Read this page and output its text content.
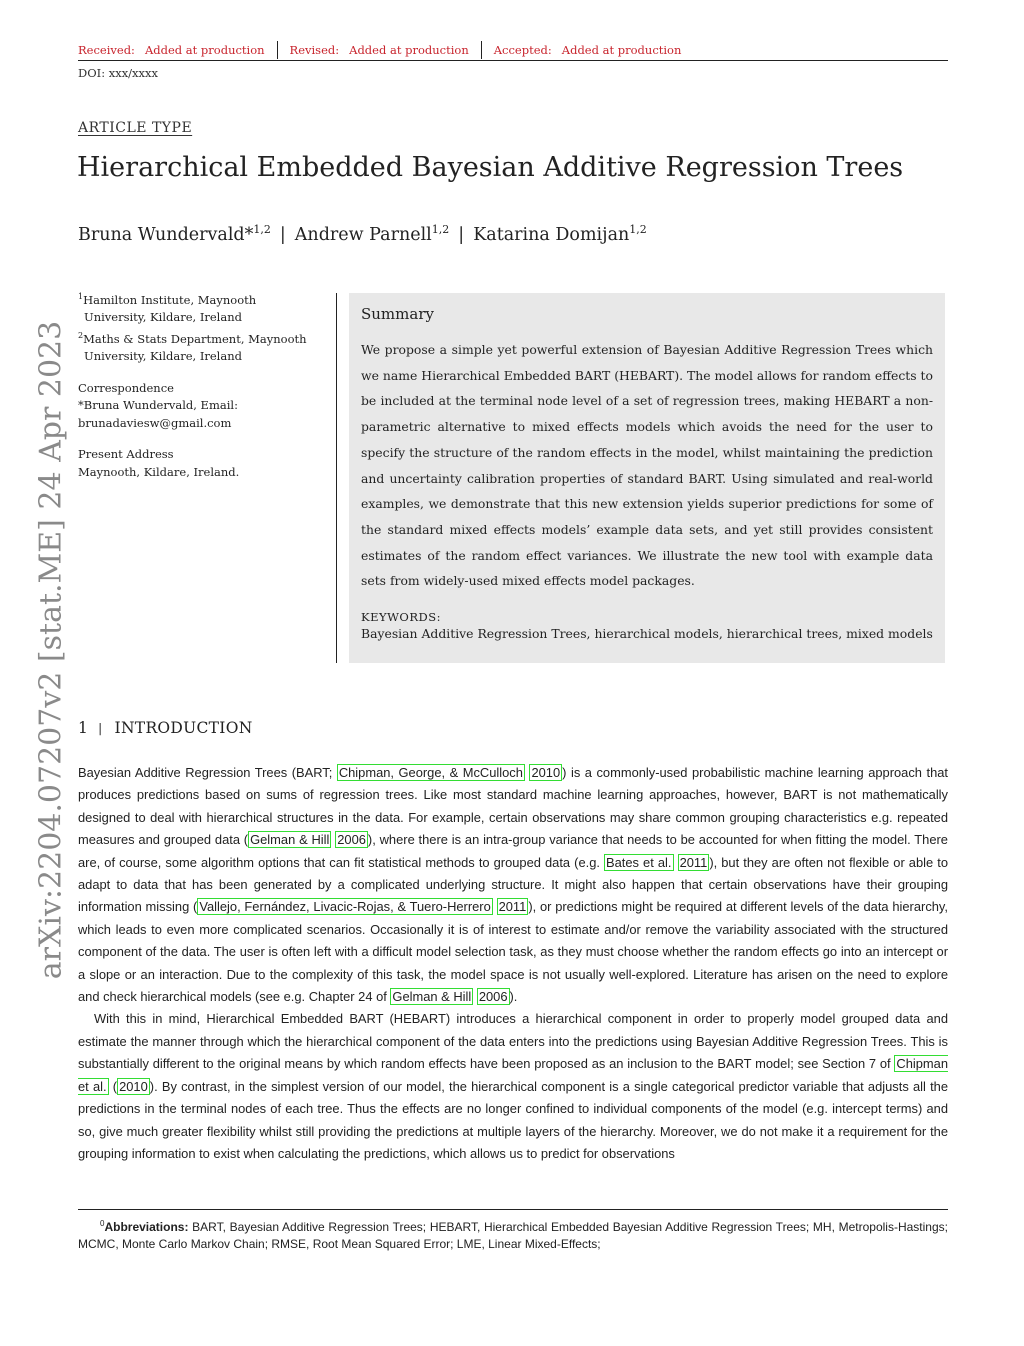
Received: Added at production	Revised: Added at production	Accepted: Added at production
DOI: xxx/xxxx
ARTICLE TYPE
Hierarchical Embedded Bayesian Additive Regression Trees
Bruna Wundervald*$^{1,2}$ | Andrew Parnell$^{1,2}$ | Katarina Domijan$^{1,2}$
$^1$Hamilton Institute, Maynooth
University, Kildare, Ireland
$^2$Maths & Stats Department, Maynooth
University, Kildare, Ireland
Correspondence
*Bruna Wundervald, Email:
brunadaviesw@gmail.com
Present Address
Maynooth, Kildare, Ireland.
Summary

We propose a simple yet powerful extension of Bayesian Additive Regression Trees which we name Hierarchical Embedded BART (HEBART). The model allows for random effects to be included at the terminal node level of a set of regression trees, making HEBART a non-parametric alternative to mixed effects models which avoids the need for the user to specify the structure of the random effects in the model, whilst maintaining the prediction and uncertainty calibration properties of standard BART. Using simulated and real-world examples, we demonstrate that this new extension yields superior predictions for some of the standard mixed effects models’ example data sets, and yet still provides consistent estimates of the random effect variances. We illustrate the new tool with example data sets from widely-used mixed effects model packages.

KEYWORDS:
Bayesian Additive Regression Trees, hierarchical models, hierarchical trees, mixed models
arXiv:2204.07207v2 [stat.ME] 24 Apr 2023 1 | INTRODUCTION

Bayesian Additive Regression Trees (BART; Chipman, George, & McCulloch 2010 ) is a commonly-used probabilistic machine learning approach that produces predictions based on sums of regression trees. Like most standard machine learning approaches, however, BART is not mathematically designed to deal with hierarchical structures in the data. For example, certain observations may share common grouping characteristics e.g. repeated measures and grouped data ( Gelman & Hill 2006 ), where there is an intra-group variance that needs to be accounted for when fitting the model. There are, of course, some algorithm options that can fit statistical methods to grouped data (e.g. Bates et al. 2011 ), but they are often not flexible or able to adapt to data that has been generated by a complicated underlying structure. It might also happen that certain observations have their grouping information missing ( Vallejo, Fernández, Livacic-Rojas, & Tuero-Herrero 2011 ), or predictions might be required at different levels of the data hierarchy, which leads to even more complicated scenarios. Occasionally it is of interest to estimate and/or remove the variability associated with the structured component of the data. The user is often left with a difficult model selection task, as they must choose whether the random effects go into an intercept or a slope or an interaction. Due to the complexity of this task, the model space is not usually well-explored. Literature has arisen on the need to explore and check hierarchical models (see e.g. Chapter 24 of Gelman & Hill 2006 ).

With this in mind, Hierarchical Embedded BART (HEBART) introduces a hierarchical component in order to properly model grouped data and estimate the manner through which the hierarchical component of the data enters into the predictions using Bayesian Additive Regression Trees. This is substantially different to the original means by which random effects have been proposed as an inclusion to the BART model; see Section 7 of Chipman et al. ( 2010 ). By contrast, in the simplest version of our model, the hierarchical component is a single categorical predictor variable that adjusts all the predictions in the terminal nodes of each tree. Thus the effects are no longer confined to individual components of the model (e.g. intercept terms) and so, give much greater flexibility whilst still providing the predictions at multiple layers of the hierarchy. Moreover, we do not make it a requirement for the grouping information to exist when calculating the predictions, which allows us to predict for observations

$^0$Abbreviations: BART, Bayesian Additive Regression Trees; HEBART, Hierarchical Embedded Bayesian Additive Regression Trees; MH, Metropolis-Hastings; MCMC, Monte Carlo Markov Chain; RMSE, Root Mean Squared Error; LME, Linear Mixed-Effects;
